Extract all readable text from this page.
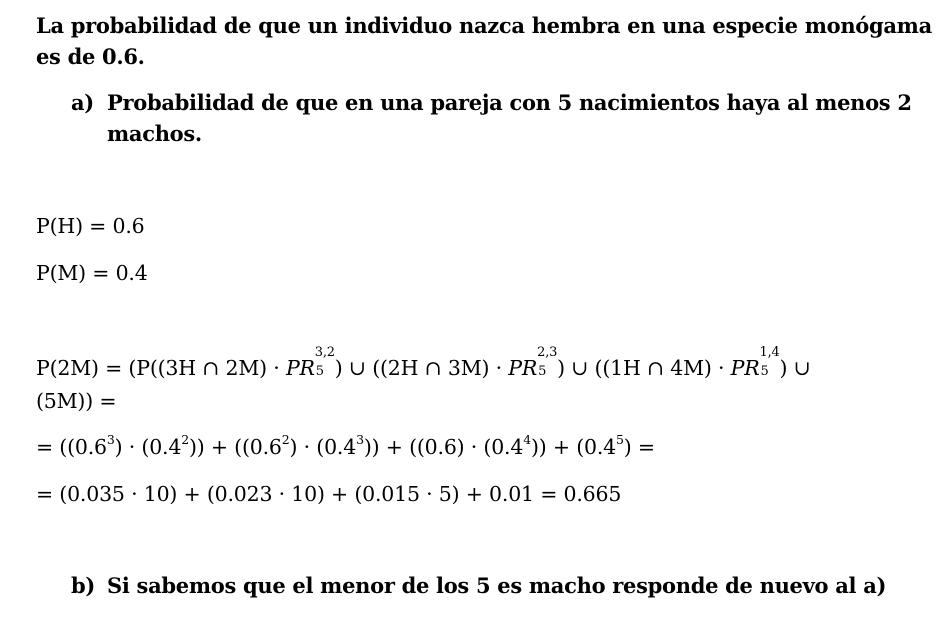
La probabilidad de que un individuo nazca hembra en una especie monógama
es de 0.6.
a) Probabilidad de que en una pareja con 5 nacimientos haya al menos 2
machos.
P(H) = 0.6
P(M) = 0.4
P(2M) = (P((3H ∩ 2M) · PR
3,2
5 ) ∪ ((2H ∩ 3M) · PR
2,3
5 ) ∪ ((1H ∩ 4M) · PR
1,4
5 ) ∪
(5M)) =
= $((0.6^3) \cdot (0.4^2)) + ((0.6^2) \cdot (0.4^3)) + ((0.6) \cdot (0.4^4)) + (0.4^5)$ =
= (0.035 · 10) + (0.023 · 10) + (0.015 · 5) + 0.01 = 0.665
b) Si sabemos que el menor de los 5 es macho responde de nuevo al a)
